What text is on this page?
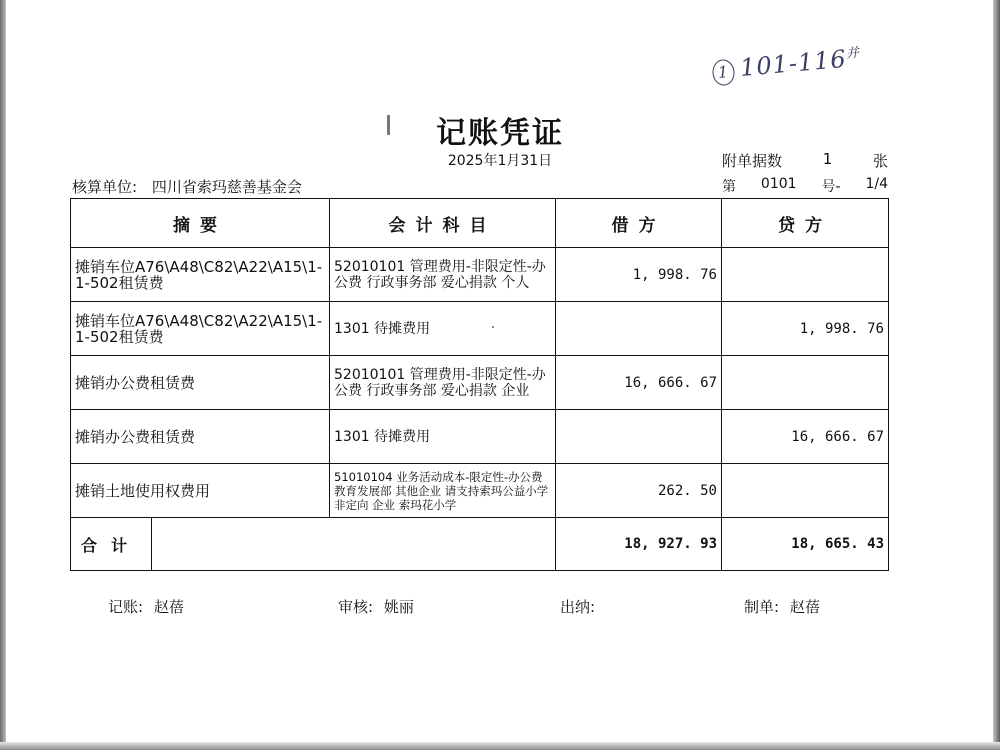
1 $101-116^并$
记账凭证
2025年1月31日	附单据数	1	张
核算单位: 四川省索玛慈善基金会	第 0101 号- 1/4
摘要	会计科目	借方	贷方
摊销车位A76\A48\C82\A22\A15\1-1-502租赁费	52010101 管理费用-非限定性-办公费 行政事务部 爱心捐款 个人	1, 998. 76	
摊销车位A76\A48\C82\A22\A15\1-1-502租赁费	1301 待摊费用		1, 998. 76
摊销办公费租赁费	52010101 管理费用-非限定性-办公费 行政事务部 爱心捐款 企业	16, 666. 67	
摊销办公费租赁费	1301 待摊费用		16, 666. 67
摊销土地使用权费用	51010104 业务活动成本-限定性-办公费 教育发展部 其他企业 请支持索玛公益小学 非定向 企业 索玛花小学	262. 50	

合计		18, 927. 93	18, 665. 43
记账: 赵蓓	审核: 姚丽	出纳:	制单: 赵蓓
